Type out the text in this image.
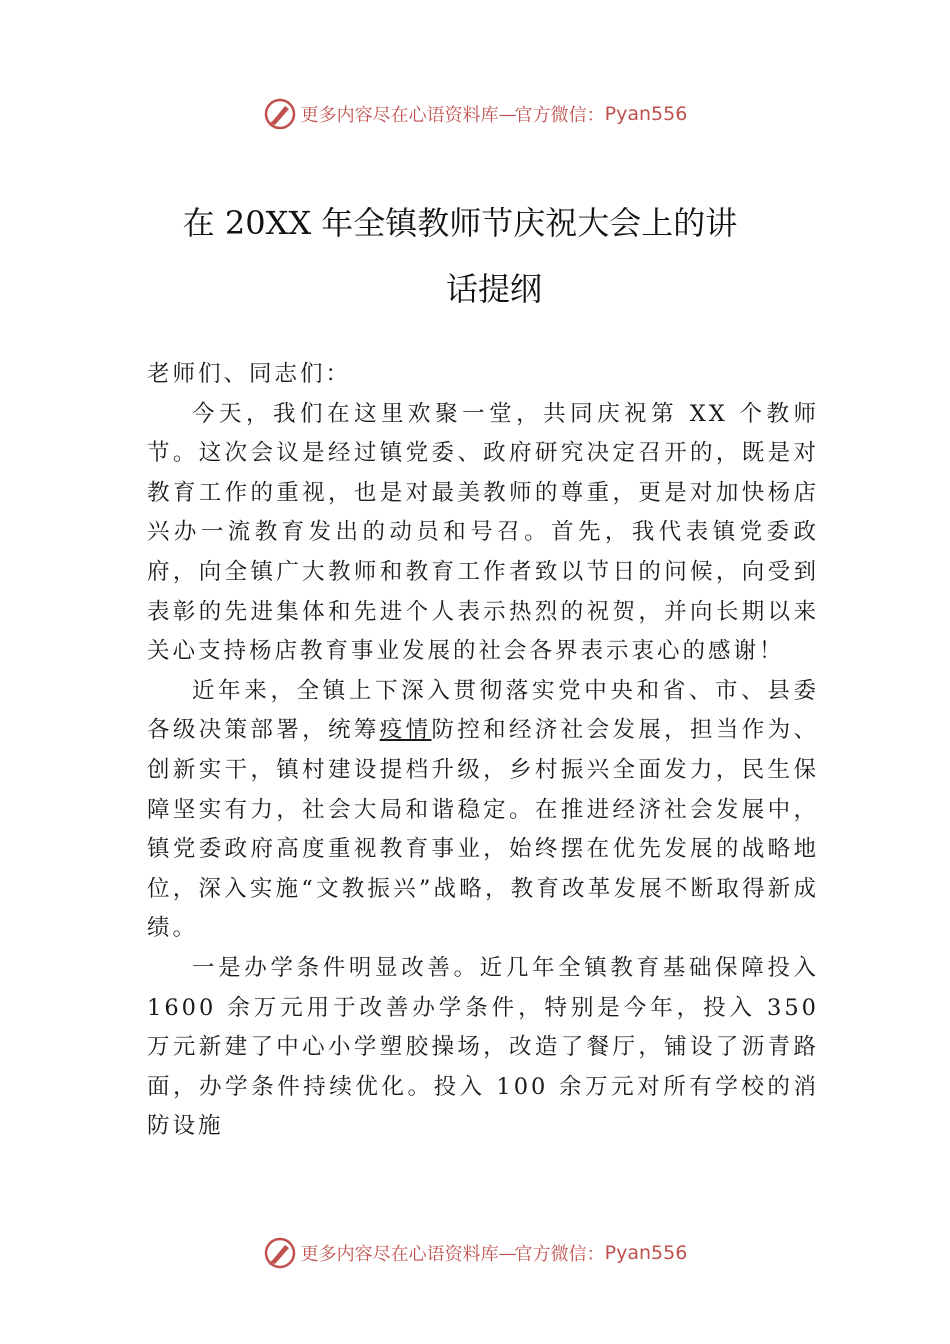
更多内容尽在心语资料库 — 官方微信： Pyan556
在 20XX 年全镇教师节庆祝大会上的讲
话提纲

老师们、同志们：

今天，我们在这里欢聚一堂，共同庆祝第 XX 个教师节。这次会议是经过镇党委、政府研究决定召开的，既是对教育工作的重视，也是对最美教师的尊重，更是对加快杨店兴办一流教育发出的动员和号召。首先，我代表镇党委政府，向全镇广大教师和教育工作者致以节日的问候，向受到表彰的先进集体和先进个人表示热烈的祝贺，并向长期以来关心支持杨店教育事业发展的社会各界表示衷心的感谢！

近年来，全镇上下深入贯彻落实党中央和省、市、县委各级决策部署，统筹疫情防控和经济社会发展，担当作为、创新实干，镇村建设提档升级，乡村振兴全面发力，民生保障坚实有力，社会大局和谐稳定。在推进经济社会发展中，镇党委政府高度重视教育事业，始终摆在优先发展的战略地位，深入实施“文教振兴”战略，教育改革发展不断取得新成绩。

一是办学条件明显改善。近几年全镇教育基础保障投入 1600 余万元用于改善办学条件，特别是今年，投入 350 万元新建了中心小学塑胶操场，改造了餐厅，铺设了沥青路面，办学条件持续优化。投入 100 余万元对所有学校的消防设施

更多内容尽在心语资料库 — 官方微信： Pyan556
